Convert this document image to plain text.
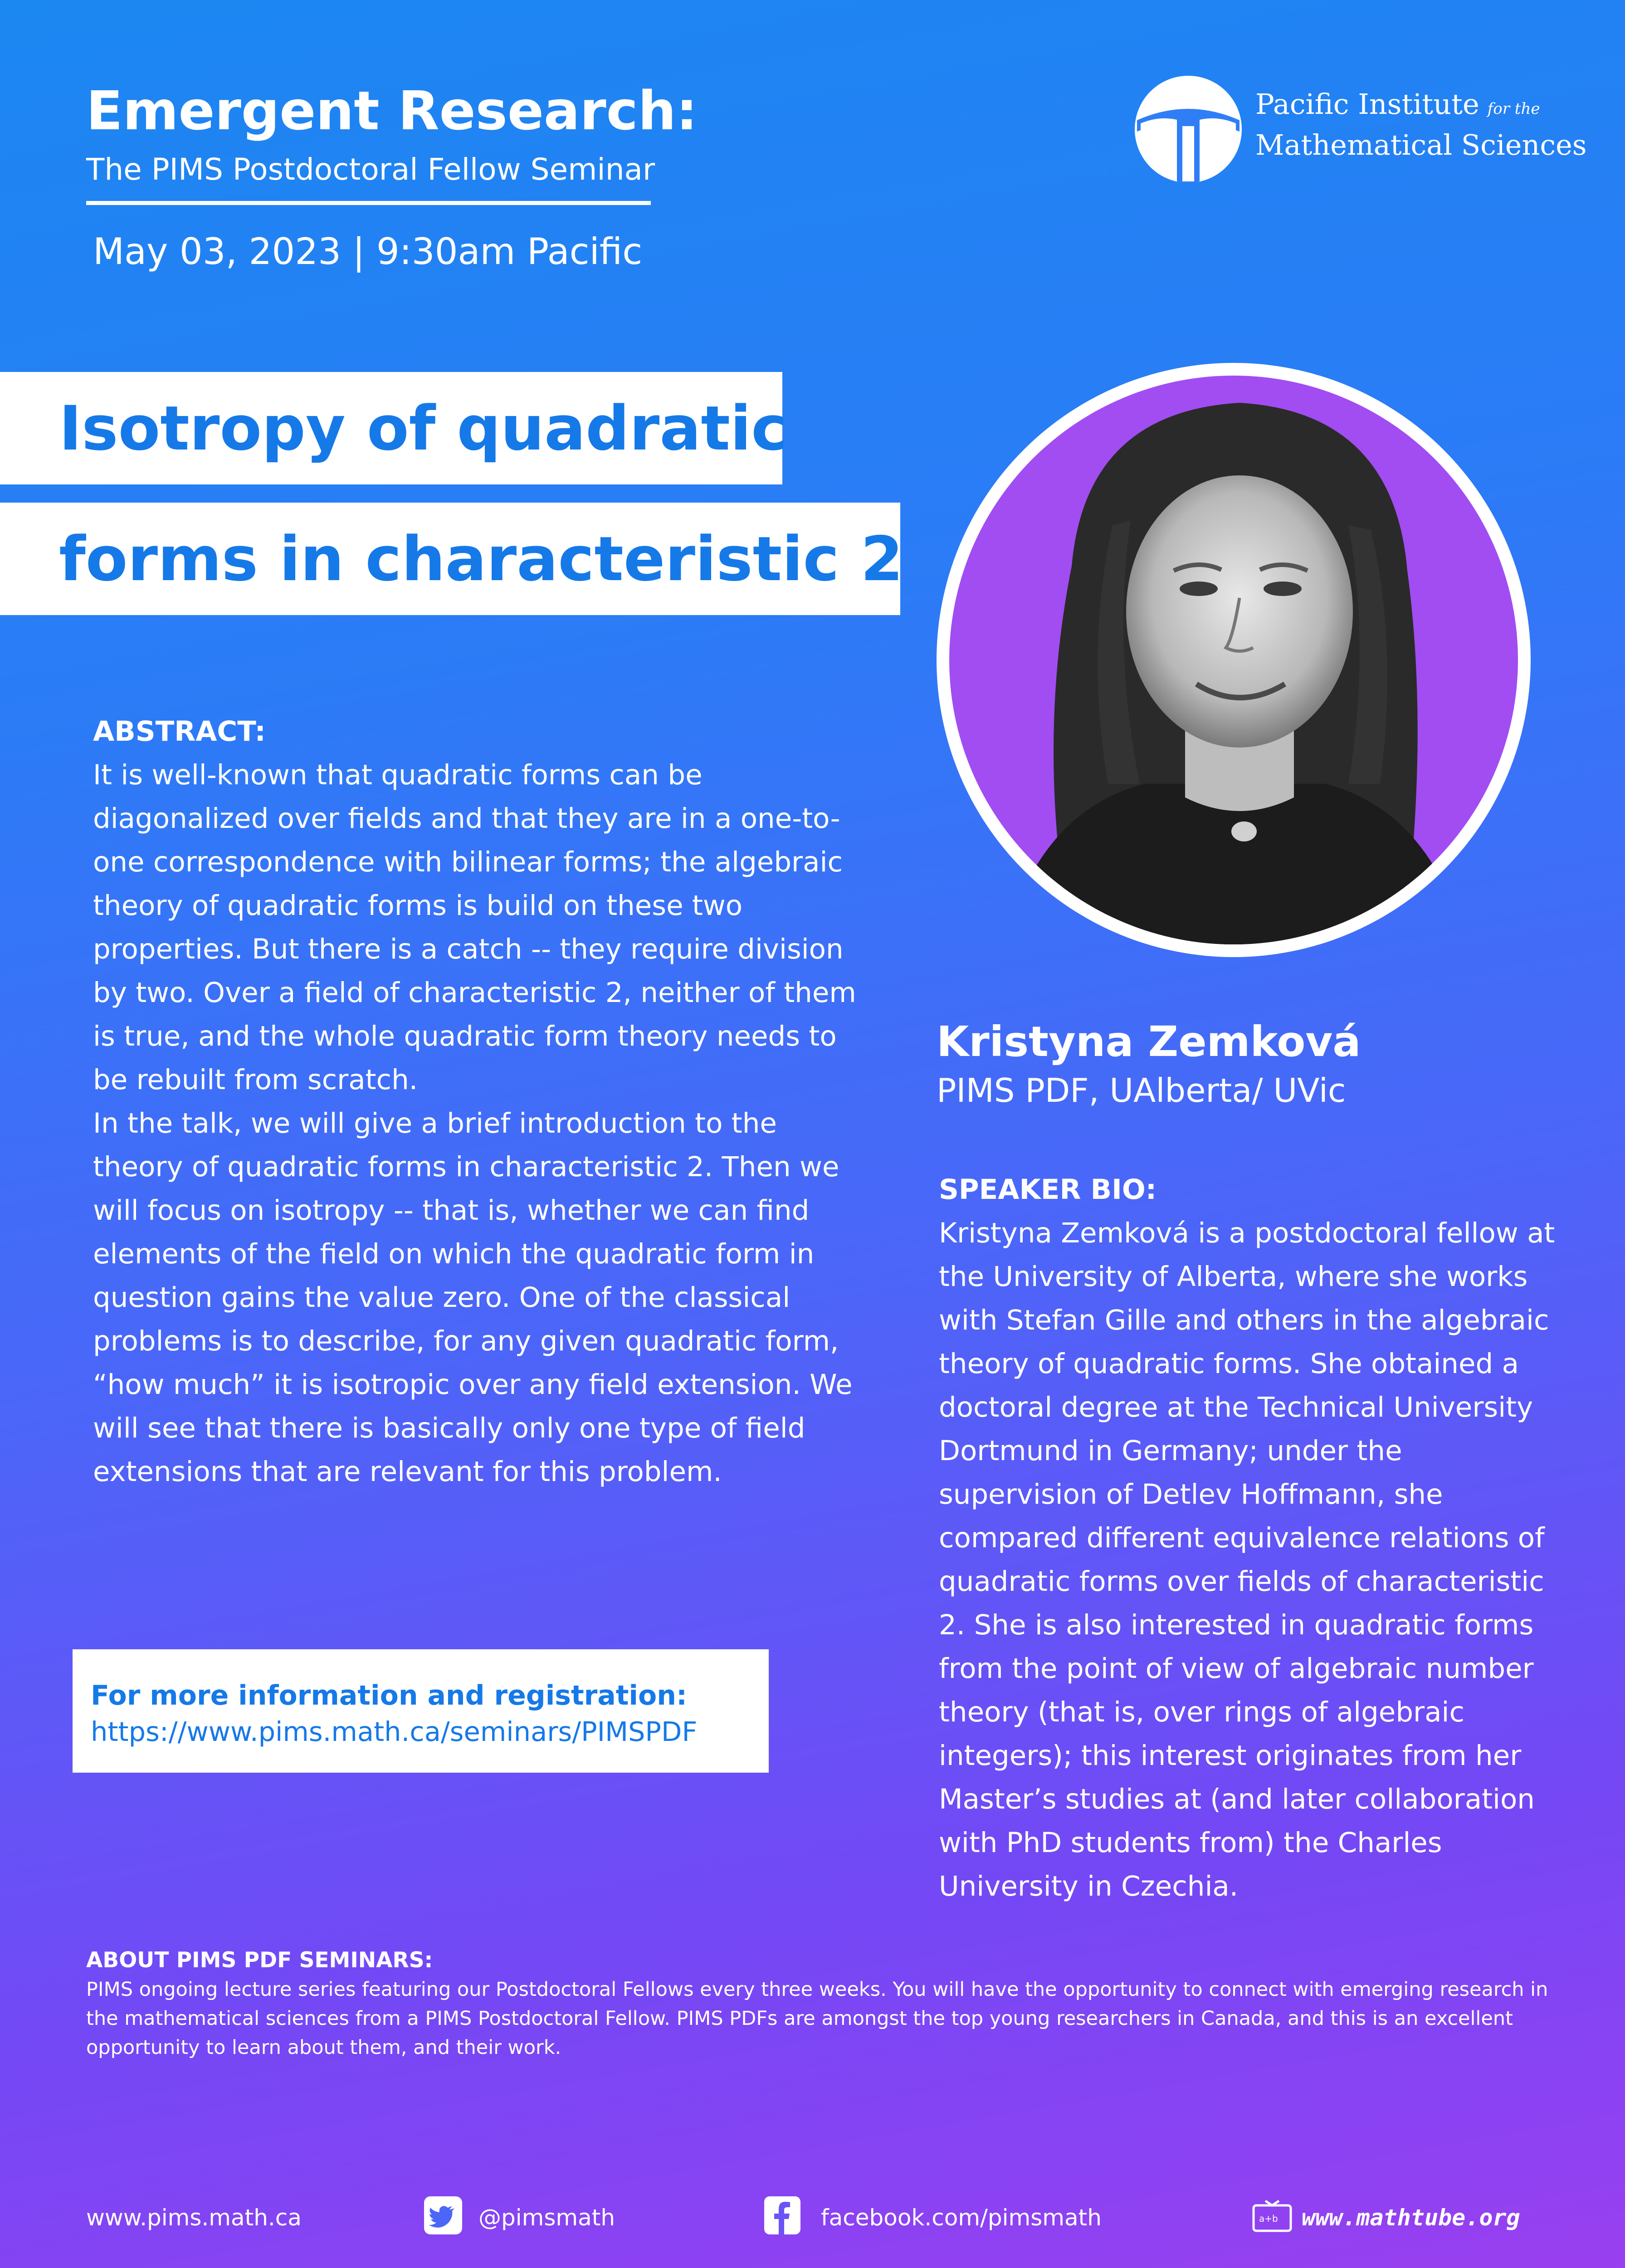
Emergent Research:
The PIMS Postdoctoral Fellow Seminar
May 03, 2023 | 9:30am Pacific
Pacific Institute for the
Mathematical Sciences
Isotropy of quadratic
forms in characteristic 2
ABSTRACT:

It is well-known that quadratic forms can be diagonalized over fields and that they are in a one-to-one correspondence with bilinear forms; the algebraic theory of quadratic forms is build on these two properties. But there is a catch -- they require division by two. Over a field of characteristic 2, neither of them is true, and the whole quadratic form theory needs to be rebuilt from scratch.

In the talk, we will give a brief introduction to the theory of quadratic forms in characteristic 2. Then we will focus on isotropy -- that is, whether we can find elements of the field on which the quadratic form in question gains the value zero. One of the classical problems is to describe, for any given quadratic form, “how much” it is isotropic over any field extension. We will see that there is basically only one type of field extensions that are relevant for this problem.

For more information and registration:
https://www.pims.math.ca/seminars/PIMSPDF
Kristyna Zemková
PIMS PDF, UAlberta/ UVic
SPEAKER BIO:

Kristyna Zemková is a postdoctoral fellow at the University of Alberta, where she works with Stefan Gille and others in the algebraic theory of quadratic forms. She obtained a doctoral degree at the Technical University Dortmund in Germany; under the supervision of Detlev Hoffmann, she compared different equivalence relations of quadratic forms over fields of characteristic 2. She is also interested in quadratic forms from the point of view of algebraic number theory (that is, over rings of algebraic integers); this interest originates from her Master’s studies at (and later collaboration with PhD students from) the Charles University in Czechia.

ABOUT PIMS PDF SEMINARS:

PIMS ongoing lecture series featuring our Postdoctoral Fellows every three weeks. You will have the opportunity to connect with emerging research in the mathematical sciences from a PIMS Postdoctoral Fellow. PIMS PDFs are amongst the top young researchers in Canada, and this is an excellent opportunity to learn about them, and their work.

www.pims.math.ca	@pimsmath	facebook.com/pimsmath	a+b www.mathtube.org
